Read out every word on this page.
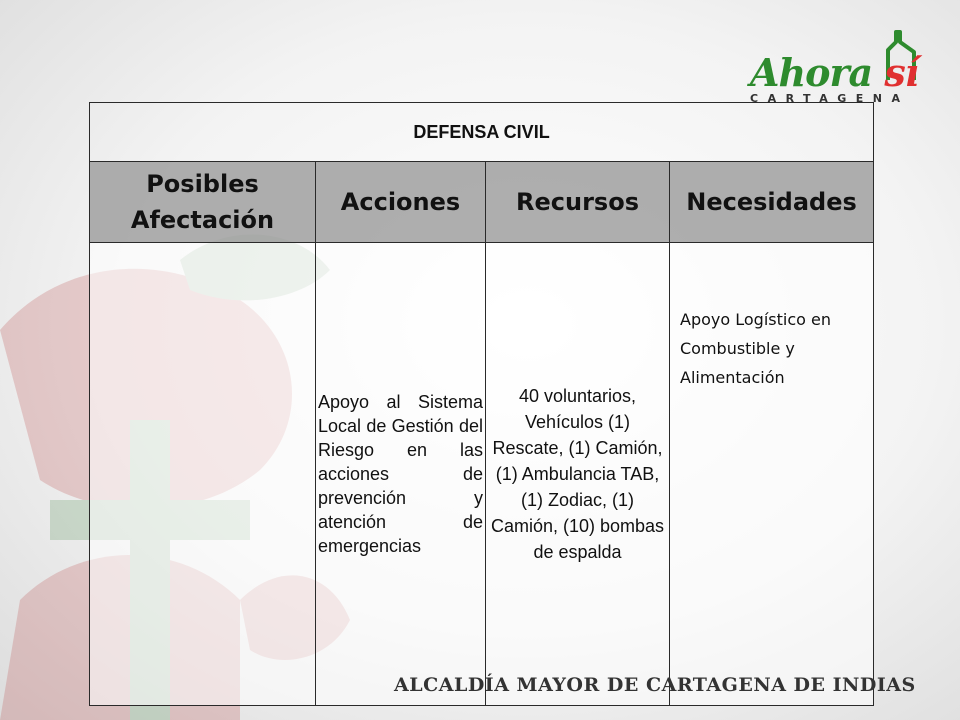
Ahora sí
CARTAGENA
DEFENSA CIVIL			
Posibles Afectación	Acciones	Recursos	Necesidades
	Apoyo al Sistema Local de Gestión del Riesgo en las acciones de prevención y atención de emergencias	40 voluntarios, Vehículos (1) Rescate, (1) Camión, (1) Ambulancia TAB, (1) Zodiac, (1) Camión, (10) bombas de espalda	Apoyo Logístico en Combustible y Alimentación
ALCALDÍA MAYOR DE CARTAGENA DE INDIAS
